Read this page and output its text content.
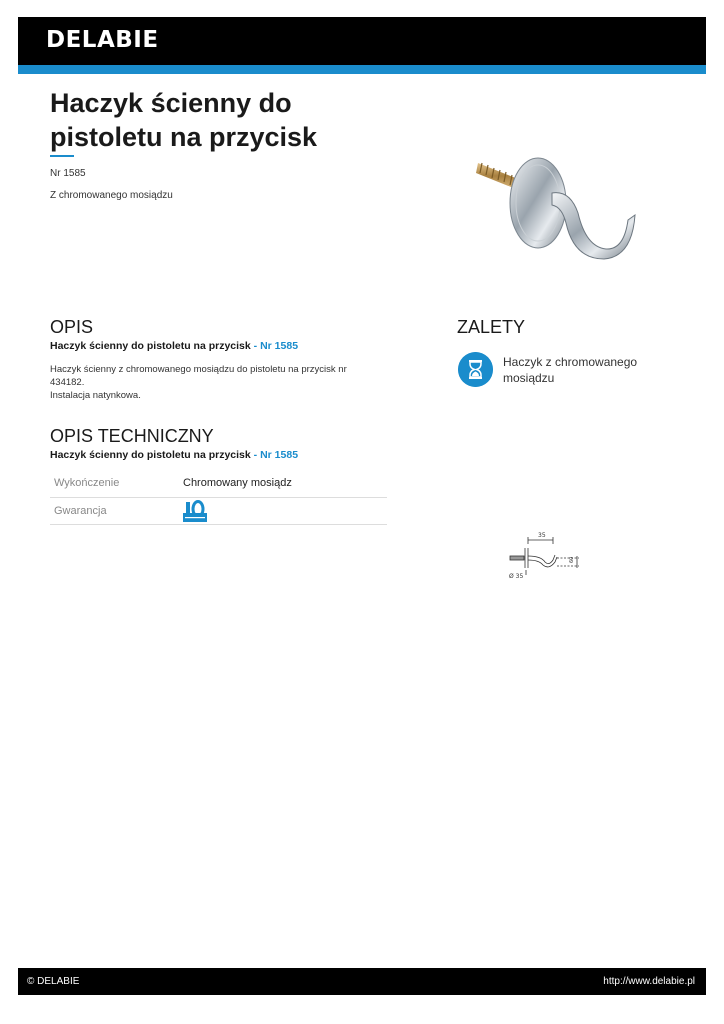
DELABIE
Haczyk ścienny do pistoletu na przycisk
Nr 1585
Z chromowanego mosiądzu
OPIS
Haczyk ścienny do pistoletu na przycisk - Nr 1585
Haczyk ścienny z chromowanego mosiądzu do pistoletu na przycisk nr 434182.
Instalacja natynkowa.
ZALETY
Haczyk z chromowanego mosiądzu
OPIS TECHNICZNY
Haczyk ścienny do pistoletu na przycisk - Nr 1585
Wykończenie	Chromowany mosiądz
Gwarancja	
35
60
Ø 35
© DELABIE	http://www.delabie.pl
